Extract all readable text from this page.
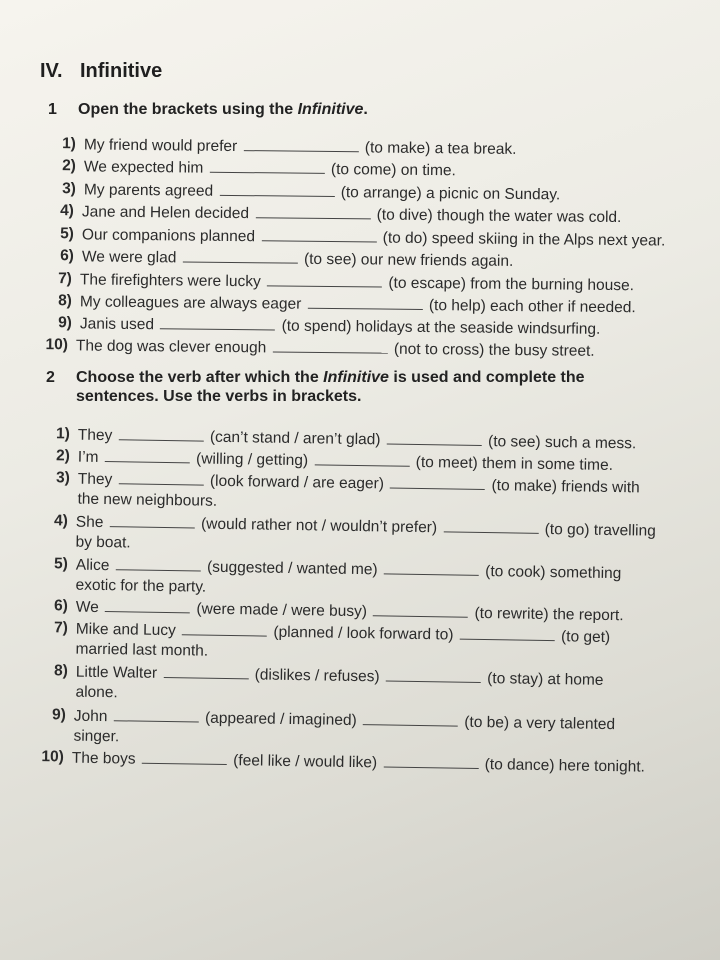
IV. Infinitive
1 Open the brackets using the Infinitive.
1) My friend would prefer	(to make) a tea break.
2) We expected him	(to come) on time.
3) My parents agreed	(to arrange) a picnic on Sunday.
4) Jane and Helen decided	(to dive) though the water was cold.
5) Our companions planned	(to do) speed skiing in the Alps next year.
6) We were glad	(to see) our new friends again.
7) The firefighters were lucky	(to escape) from the burning house.
8) My colleagues are always eager	(to help) each other if needed.
9) Janis used	(to spend) holidays at the seaside windsurfing.
10) The dog was clever enough	(not to cross) the busy street.
2 Choose the verb after which the Infinitive is used and complete the
sentences. Use the verbs in brackets.
1) They	(can’t stand / aren’t glad)	(to see) such a mess.
2) I’m	(willing / getting)	(to meet) them in some time.
3) They	(look forward / are eager)	(to make) friends with
the new neighbours.
4) She	(would rather not / wouldn’t prefer)	(to go) travelling
by boat.
5) Alice	(suggested / wanted me)	(to cook) something
exotic for the party.
6) We	(were made / were busy)	(to rewrite) the report.
7) Mike and Lucy	(planned / look forward to)	(to get)
married last month.
8) Little Walter	(dislikes / refuses)	(to stay) at home
alone.
9) John	(appeared / imagined)	(to be) a very talented
singer.
10) The boys	(feel like / would like)	(to dance) here tonight.
